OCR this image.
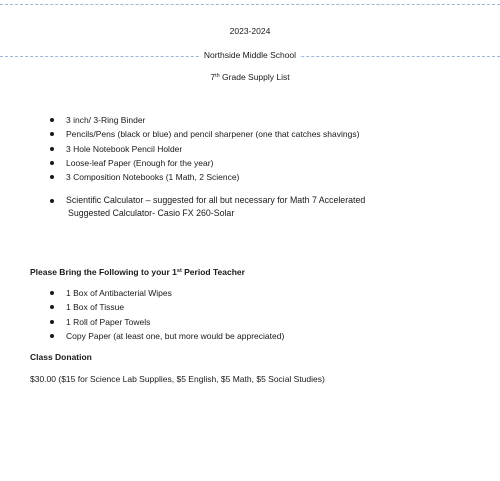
2023-2024
Northside Middle School
7th Grade Supply List
3 inch/ 3-Ring Binder
Pencils/Pens (black or blue) and pencil sharpener (one that catches shavings)
3 Hole Notebook Pencil Holder
Loose-leaf Paper (Enough for the year)
3 Composition Notebooks (1 Math, 2 Science)
Scientific Calculator – suggested for all but necessary for Math 7 Accelerated
Suggested Calculator- Casio FX 260-Solar
Please Bring the Following to your 1st Period Teacher
1 Box of Antibacterial Wipes
1 Box of Tissue
1 Roll of Paper Towels
Copy Paper (at least one, but more would be appreciated)
Class Donation
$30.00 ($15 for Science Lab Supplies, $5 English, $5 Math, $5 Social Studies)
